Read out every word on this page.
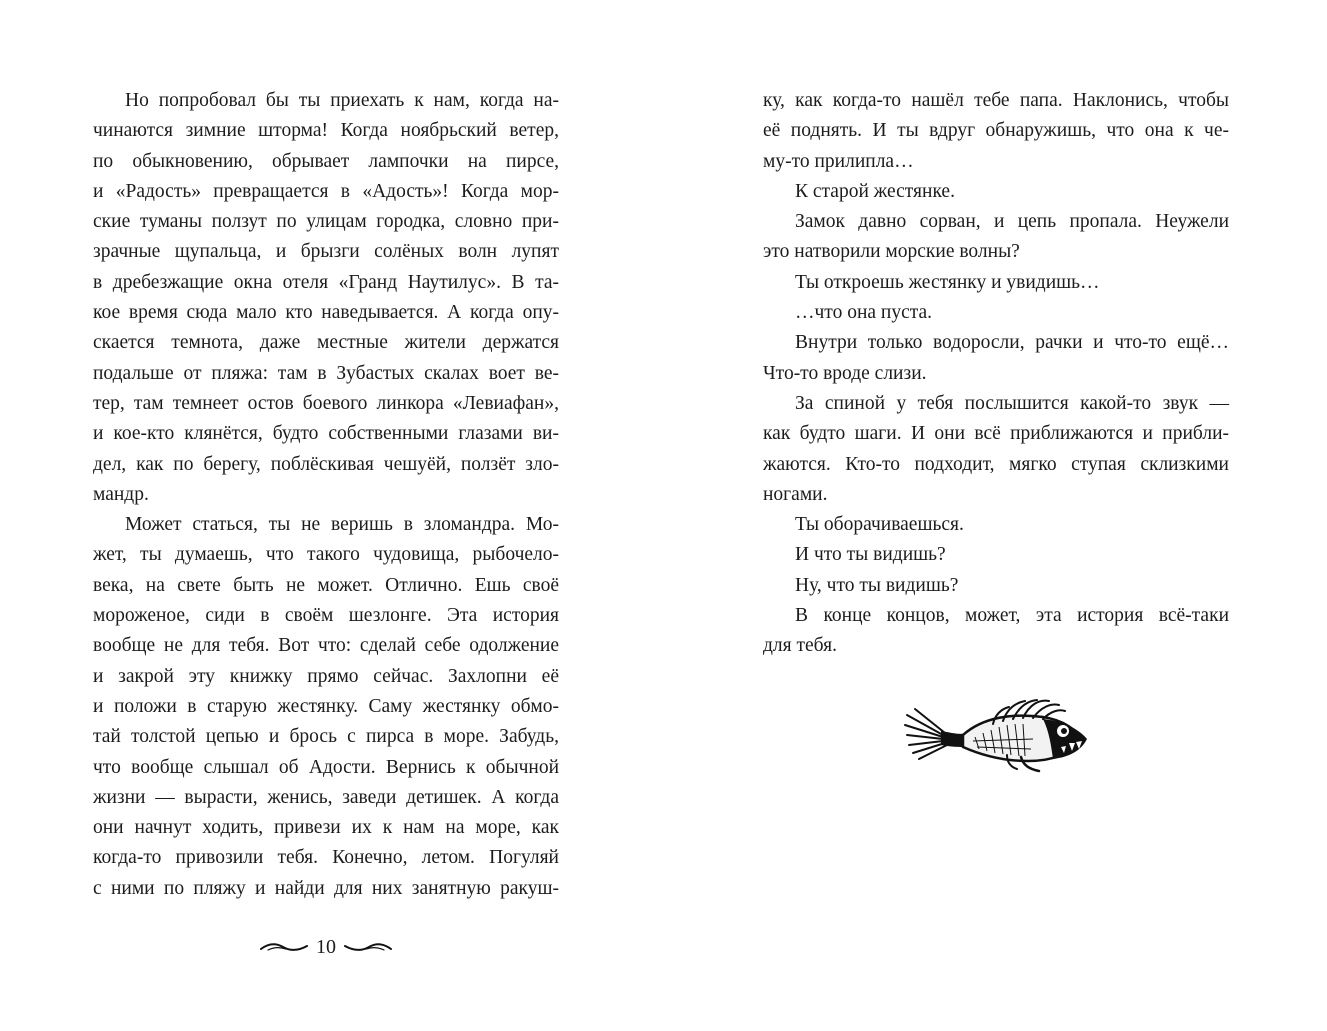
Но попробовал бы ты приехать к нам, когда на-
чинаются зимние шторма! Когда ноябрьский ветер,
по обыкновению, обрывает лампочки на пирсе,
и «Радость» превращается в «Адость»! Когда мор-
ские туманы ползут по улицам городка, словно при-
зрачные щупальца, и брызги солёных волн лупят
в дребезжащие окна отеля «Гранд Наутилус». В та-
кое время сюда мало кто наведывается. А когда опу-
скается темнота, даже местные жители держатся
подальше от пляжа: там в Зубастых скалах воет ве-
тер, там темнеет остов боевого линкора «Левиафан»,
и кое-кто клянётся, будто собственными глазами ви-
дел, как по берегу, поблёскивая чешуёй, ползёт зло-
мандр.
Может статься, ты не веришь в зломандра. Мо-
жет, ты думаешь, что такого чудовища, рыбочело-
века, на свете быть не может. Отлично. Ешь своё
мороженое, сиди в своём шезлонге. Эта история
вообще не для тебя. Вот что: сделай себе одолжение
и закрой эту книжку прямо сейчас. Захлопни её
и положи в старую жестянку. Саму жестянку обмо-
тай толстой цепью и брось с пирса в море. Забудь,
что вообще слышал об Адости. Вернись к обычной
жизни — вырасти, женись, заведи детишек. А когда
они начнут ходить, привези их к нам на море, как
когда-то привозили тебя. Конечно, летом. Погуляй
с ними по пляжу и найди для них занятную ракуш-
10
ку, как когда-то нашёл тебе папа. Наклонись, чтобы
её поднять. И ты вдруг обнаружишь, что она к че-
му-то прилипла…
К старой жестянке.
Замок давно сорван, и цепь пропала. Неужели
это натворили морские волны?
Ты откроешь жестянку и увидишь…
…что она пуста.
Внутри только водоросли, рачки и что-то ещё…
Что-то вроде слизи.
За спиной у тебя послышится какой-то звук —
как будто шаги. И они всё приближаются и прибли-
жаются. Кто-то подходит, мягко ступая склизкими
ногами.
Ты оборачиваешься.
И что ты видишь?
Ну, что ты видишь?
В конце концов, может, эта история всё-таки
для тебя.
